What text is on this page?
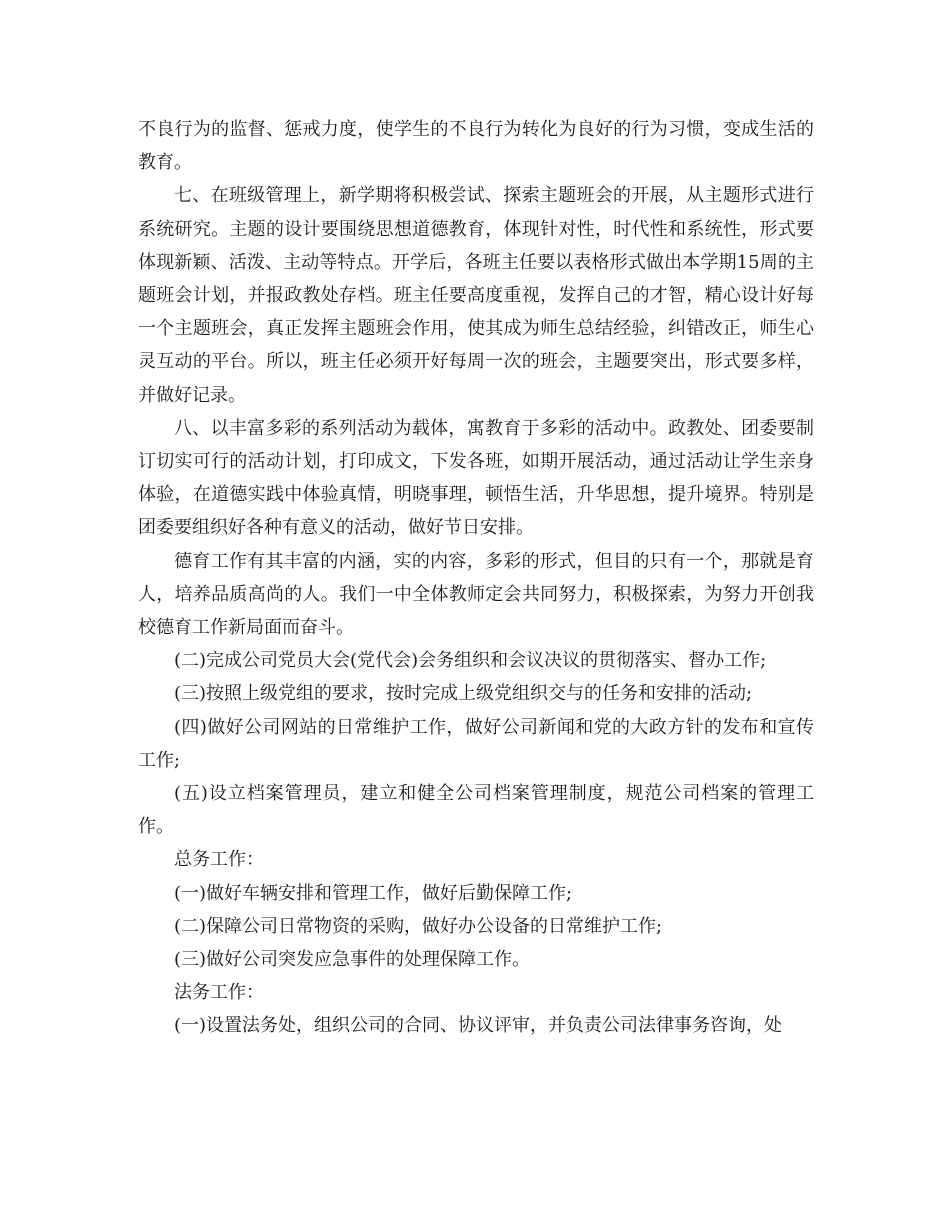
不良行为的监督、惩戒力度，使学生的不良行为转化为良好的行为习惯，变成生活的教育。

七、在班级管理上，新学期将积极尝试、探索主题班会的开展，从主题形式进行系统研究。主题的设计要围绕思想道德教育，体现针对性，时代性和系统性，形式要体现新颖、活泼、主动等特点。开学后，各班主任要以表格形式做出本学期15周的主题班会计划，并报政教处存档。班主任要高度重视，发挥自己的才智，精心设计好每一个主题班会，真正发挥主题班会作用，使其成为师生总结经验，纠错改正，师生心灵互动的平台。所以，班主任必须开好每周一次的班会，主题要突出，形式要多样，并做好记录。

八、以丰富多彩的系列活动为载体，寓教育于多彩的活动中。政教处、团委要制订切实可行的活动计划，打印成文，下发各班，如期开展活动，通过活动让学生亲身体验，在道德实践中体验真情，明晓事理，顿悟生活，升华思想，提升境界。特别是团委要组织好各种有意义的活动，做好节日安排。

德育工作有其丰富的内涵，实的内容，多彩的形式，但目的只有一个，那就是育人，培养品质高尚的人。我们一中全体教师定会共同努力，积极探索，为努力开创我校德育工作新局面而奋斗。

(二)完成公司党员大会(党代会)会务组织和会议决议的贯彻落实、督办工作;

(三)按照上级党组的要求，按时完成上级党组织交与的任务和安排的活动;

(四)做好公司网站的日常维护工作，做好公司新闻和党的大政方针的发布和宣传工作;

(五)设立档案管理员，建立和健全公司档案管理制度，规范公司档案的管理工作。

总务工作：

(一)做好车辆安排和管理工作，做好后勤保障工作;

(二)保障公司日常物资的采购，做好办公设备的日常维护工作;

(三)做好公司突发应急事件的处理保障工作。

法务工作：

(一)设置法务处，组织公司的合同、协议评审，并负责公司法律事务咨询，处
